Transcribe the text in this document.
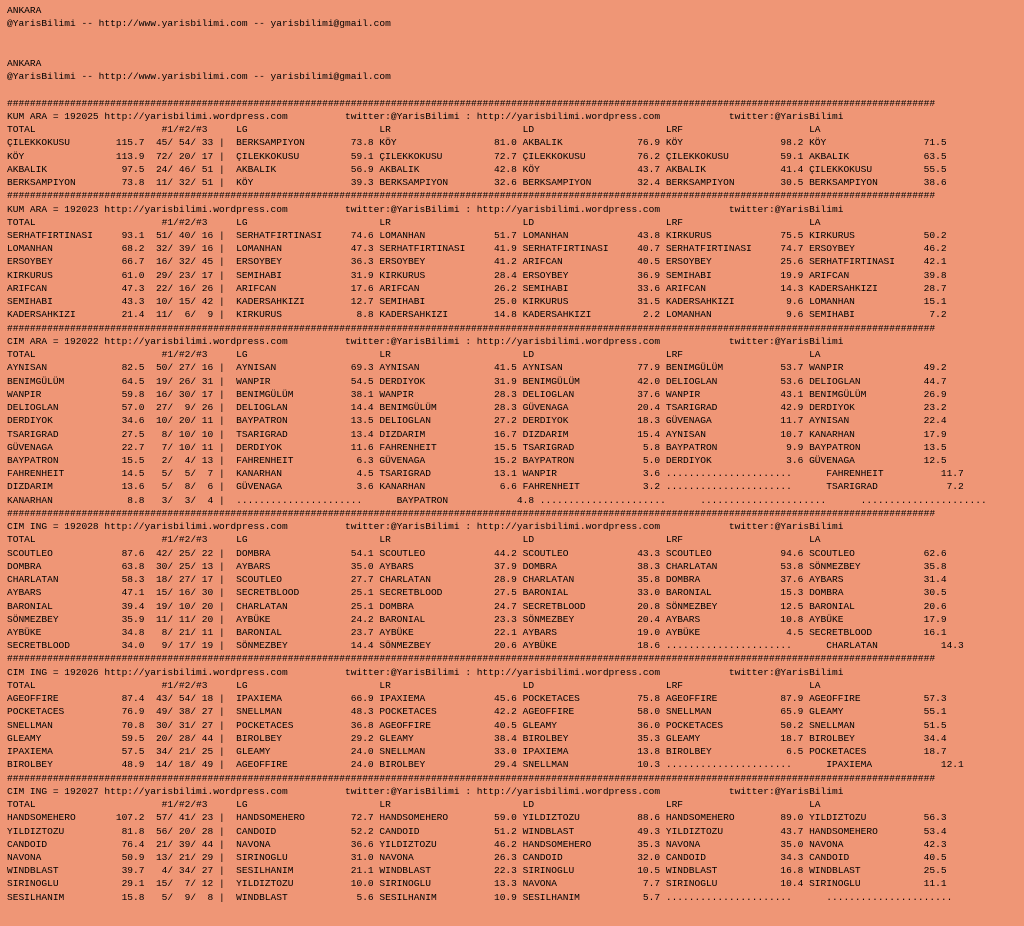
ANKARA
@YarisBilimi -- http://www.yarisbilimi.com -- yarisbilimi@gmail.com
ANKARA
@YarisBilimi -- http://www.yarisbilimi.com -- yarisbilimi@gmail.com
##################################################################################################################################################################
KUM ARA = 192025 http://yarisbilimi.wordpress.com          twitter:@YarisBilimi : http://yarisbilimi.wordpress.com            twitter:@YarisBilimi
TOTAL                      #1/#2/#3     LG                       LR                       LD                       LRF                      LA
ÇILEKKOKUSU        115.7  45/ 54/ 33 |  BERKSAMPIYON        73.8 KÖY                 81.0 AKBALIK             76.9 KÖY                 98.2 KÖY                 71.5
KÖY                113.9  72/ 20/ 17 |  ÇILEKKOKUSU         59.1 ÇILEKKOKUSU         72.7 ÇILEKKOKUSU         76.2 ÇILEKKOKUSU         59.1 AKBALIK             63.5
AKBALIK             97.5  24/ 46/ 51 |  AKBALIK             56.9 AKBALIK             42.8 KÖY                 43.7 AKBALIK             41.4 ÇILEKKOKUSU         55.5
BERKSAMPIYON        73.8  11/ 32/ 51 |  KÖY                 39.3 BERKSAMPIYON        32.6 BERKSAMPIYON        32.4 BERKSAMPIYON        30.5 BERKSAMPIYON        38.6
##################################################################################################################################################################
KUM ARA = 192023 http://yarisbilimi.wordpress.com          twitter:@YarisBilimi : http://yarisbilimi.wordpress.com            twitter:@YarisBilimi
TOTAL                      #1/#2/#3     LG                       LR                       LD                       LRF                      LA
SERHATFIRTINASI     93.1  51/ 40/ 16 |  SERHATFIRTINASI     74.6 LOMANHAN            51.7 LOMANHAN            43.8 KIRKURUS            75.5 KIRKURUS            50.2
LOMANHAN            68.2  32/ 39/ 16 |  LOMANHAN            47.3 SERHATFIRTINASI     41.9 SERHATFIRTINASI     40.7 SERHATFIRTINASI     74.7 ERSOYBEY            46.2
ERSOYBEY            66.7  16/ 32/ 45 |  ERSOYBEY            36.3 ERSOYBEY            41.2 ARIFCAN             40.5 ERSOYBEY            25.6 SERHATFIRTINASI     42.1
KIRKURUS            61.0  29/ 23/ 17 |  SEMIHABI            31.9 KIRKURUS            28.4 ERSOYBEY            36.9 SEMIHABI            19.9 ARIFCAN             39.8
ARIFCAN             47.3  22/ 16/ 26 |  ARIFCAN             17.6 ARIFCAN             26.2 SEMIHABI            33.6 ARIFCAN             14.3 KADERSAHKIZI        28.7
SEMIHABI            43.3  10/ 15/ 42 |  KADERSAHKIZI        12.7 SEMIHABI            25.0 KIRKURUS            31.5 KADERSAHKIZI         9.6 LOMANHAN            15.1
KADERSAHKIZI        21.4  11/  6/  9 |  KIRKURUS             8.8 KADERSAHKIZI        14.8 KADERSAHKIZI         2.2 LOMANHAN             9.6 SEMIHABI             7.2
##################################################################################################################################################################
CIM ARA = 192022 http://yarisbilimi.wordpress.com          twitter:@YarisBilimi : http://yarisbilimi.wordpress.com            twitter:@YarisBilimi
TOTAL                      #1/#2/#3     LG                       LR                       LD                       LRF                      LA
AYNISAN             82.5  50/ 27/ 16 |  AYNISAN             69.3 AYNISAN             41.5 AYNISAN             77.9 BENIMGÜLÜM          53.7 WANPIR              49.2
BENIMGÜLÜM          64.5  19/ 26/ 31 |  WANPIR              54.5 DERDIYOK            31.9 BENIMGÜLÜM          42.0 DELIOGLAN           53.6 DELIOGLAN           44.7
WANPIR              59.8  16/ 30/ 17 |  BENIMGÜLÜM          38.1 WANPIR              28.3 DELIOGLAN           37.6 WANPIR              43.1 BENIMGÜLÜM          26.9
DELIOGLAN           57.0  27/  9/ 26 |  DELIOGLAN           14.4 BENIMGÜLÜM          28.3 GÜVENAGA            20.4 TSARIGRAD           42.9 DERDIYOK            23.2
DERDIYOK            34.6  10/ 20/ 11 |  BAYPATRON           13.5 DELIOGLAN           27.2 DERDIYOK            18.3 GÜVENAGA            11.7 AYNISAN             22.4
TSARIGRAD           27.5   8/ 10/ 10 |  TSARIGRAD           13.4 DIZDARIM            16.7 DIZDARIM            15.4 AYNISAN             10.7 KANARHAN            17.9
GÜVENAGA            22.7   7/ 10/ 11 |  DERDIYOK            11.6 FAHRENHEIT          15.5 TSARIGRAD            5.8 BAYPATRON            9.9 BAYPATRON           13.5
BAYPATRON           15.5   2/  4/ 13 |  FAHRENHEIT           6.3 GÜVENAGA            15.2 BAYPATRON            5.0 DERDIYOK             3.6 GÜVENAGA            12.5
FAHRENHEIT          14.5   5/  5/  7 |  KANARHAN             4.5 TSARIGRAD           13.1 WANPIR               3.6 ......................      FAHRENHEIT          11.7
DIZDARIM            13.6   5/  8/  6 |  GÜVENAGA             3.6 KANARHAN             6.6 FAHRENHEIT           3.2 ......................      TSARIGRAD            7.2
KANARHAN             8.8   3/  3/  4 |  ......................      BAYPATRON            4.8 ......................      ......................      ......................
##################################################################################################################################################################
CIM ING = 192028 http://yarisbilimi.wordpress.com          twitter:@YarisBilimi : http://yarisbilimi.wordpress.com            twitter:@YarisBilimi
TOTAL                      #1/#2/#3     LG                       LR                       LD                       LRF                      LA
SCOUTLEO            87.6  42/ 25/ 22 |  DOMBRA              54.1 SCOUTLEO            44.2 SCOUTLEO            43.3 SCOUTLEO            94.6 SCOUTLEO            62.6
DOMBRA              63.8  30/ 25/ 13 |  AYBARS              35.0 AYBARS              37.9 DOMBRA              38.3 CHARLATAN           53.8 SÖNMEZBEY           35.8
CHARLATAN           58.3  18/ 27/ 17 |  SCOUTLEO            27.7 CHARLATAN           28.9 CHARLATAN           35.8 DOMBRA              37.6 AYBARS              31.4
AYBARS              47.1  15/ 16/ 30 |  SECRETBLOOD         25.1 SECRETBLOOD         27.5 BARONIAL            33.0 BARONIAL            15.3 DOMBRA              30.5
BARONIAL            39.4  19/ 10/ 20 |  CHARLATAN           25.1 DOMBRA              24.7 SECRETBLOOD         20.8 SÖNMEZBEY           12.5 BARONIAL            20.6
SÖNMEZBEY           35.9  11/ 11/ 20 |  AYBÜKE              24.2 BARONIAL            23.3 SÖNMEZBEY           20.4 AYBARS              10.8 AYBÜKE              17.9
AYBÜKE              34.8   8/ 21/ 11 |  BARONIAL            23.7 AYBÜKE              22.1 AYBARS              19.0 AYBÜKE               4.5 SECRETBLOOD         16.1
SECRETBLOOD         34.0   9/ 17/ 19 |  SÖNMEZBEY           14.4 SÖNMEZBEY           20.6 AYBÜKE              18.6 ......................      CHARLATAN           14.3
##################################################################################################################################################################
CIM ING = 192026 http://yarisbilimi.wordpress.com          twitter:@YarisBilimi : http://yarisbilimi.wordpress.com            twitter:@YarisBilimi
TOTAL                      #1/#2/#3     LG                       LR                       LD                       LRF                      LA
AGEOFFIRE           87.4  43/ 54/ 18 |  IPAXIEMA            66.9 IPAXIEMA            45.6 POCKETACES          75.8 AGEOFFIRE           87.9 AGEOFFIRE           57.3
POCKETACES          76.9  49/ 38/ 27 |  SNELLMAN            48.3 POCKETACES          42.2 AGEOFFIRE           58.0 SNELLMAN            65.9 GLEAMY              55.1
SNELLMAN            70.8  30/ 31/ 27 |  POCKETACES          36.8 AGEOFFIRE           40.5 GLEAMY              36.0 POCKETACES          50.2 SNELLMAN            51.5
GLEAMY              59.5  20/ 28/ 44 |  BIROLBEY            29.2 GLEAMY              38.4 BIROLBEY            35.3 GLEAMY              18.7 BIROLBEY            34.4
IPAXIEMA            57.5  34/ 21/ 25 |  GLEAMY              24.0 SNELLMAN            33.0 IPAXIEMA            13.8 BIROLBEY             6.5 POCKETACES          18.7
BIROLBEY            48.9  14/ 18/ 49 |  AGEOFFIRE           24.0 BIROLBEY            29.4 SNELLMAN            10.3 ......................      IPAXIEMA            12.1
##################################################################################################################################################################
CIM ING = 192027 http://yarisbilimi.wordpress.com          twitter:@YarisBilimi : http://yarisbilimi.wordpress.com            twitter:@YarisBilimi
TOTAL                      #1/#2/#3     LG                       LR                       LD                       LRF                      LA
HANDSOMEHERO       107.2  57/ 41/ 23 |  HANDSOMEHERO        72.7 HANDSOMEHERO        59.0 YILDIZTOZU          88.6 HANDSOMEHERO        89.0 YILDIZTOZU          56.3
YILDIZTOZU          81.8  56/ 20/ 28 |  CANDOID             52.2 CANDOID             51.2 WINDBLAST           49.3 YILDIZTOZU          43.7 HANDSOMEHERO        53.4
CANDOID             76.4  21/ 39/ 44 |  NAVONA              36.6 YILDIZTOZU          46.2 HANDSOMEHERO        35.3 NAVONA              35.0 NAVONA              42.3
NAVONA              50.9  13/ 21/ 29 |  SIRINOGLU           31.0 NAVONA              26.3 CANDOID             32.0 CANDOID             34.3 CANDOID             40.5
WINDBLAST           39.7   4/ 34/ 27 |  SESILHANIM          21.1 WINDBLAST           22.3 SIRINOGLU           10.5 WINDBLAST           16.8 WINDBLAST           25.5
SIRINOGLU           29.1  15/  7/ 12 |  YILDIZTOZU          10.0 SIRINOGLU           13.3 NAVONA               7.7 SIRINOGLU           10.4 SIRINOGLU           11.1
SESILHANIM          15.8   5/  9/  8 |  WINDBLAST            5.6 SESILHANIM          10.9 SESILHANIM           5.7 ......................      ......................
